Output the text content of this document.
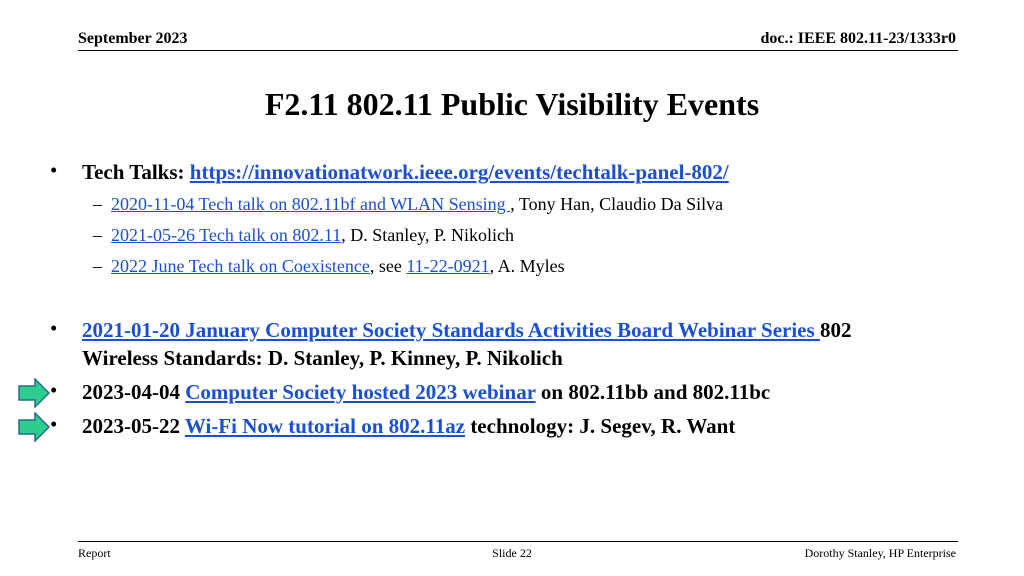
September 2023	doc.: IEEE 802.11-23/1333r0
F2.11 802.11 Public Visibility Events
• Tech Talks: https://innovationatwork.ieee.org/events/techtalk-panel-802/
– 2020-11-04 Tech talk on 802.11bf and WLAN Sensing , Tony Han, Claudio Da Silva
– 2021-05-26 Tech talk on 802.11, D. Stanley, P. Nikolich
– 2022 June Tech talk on Coexistence, see 11-22-0921, A. Myles
• 2021-01-20 January Computer Society Standards Activities Board Webinar Series 802
Wireless Standards: D. Stanley, P. Kinney, P. Nikolich
• 2023-04-04 Computer Society hosted 2023 webinar on 802.11bb and 802.11bc
• 2023-05-22 Wi-Fi Now tutorial on 802.11az technology: J. Segev, R. Want
Report	Slide 22	Dorothy Stanley, HP Enterprise
